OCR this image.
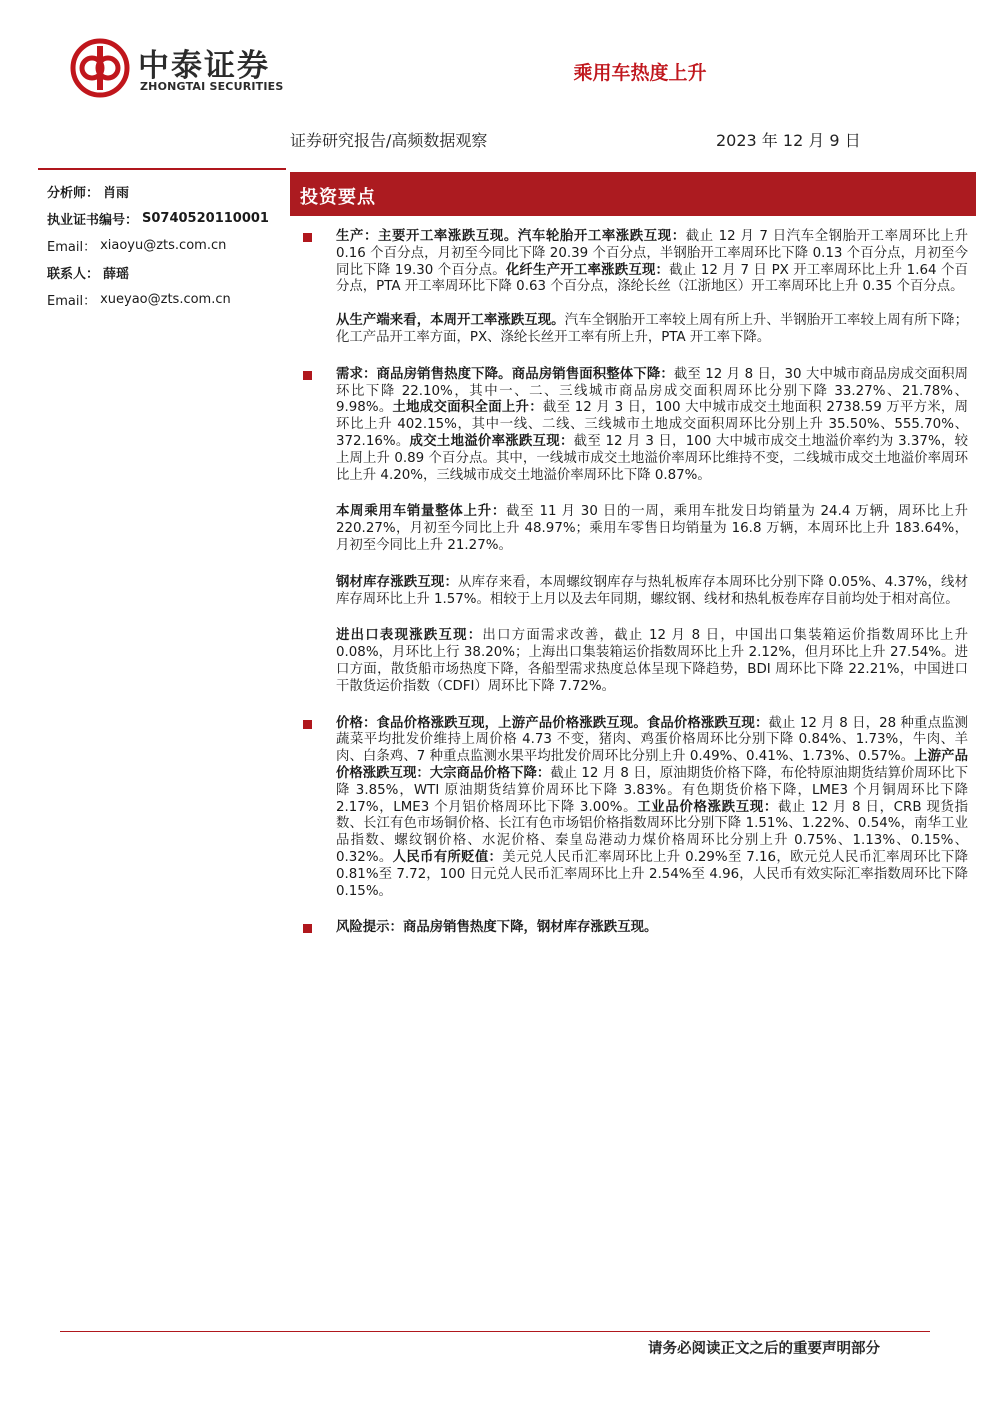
中泰证券
ZHONGTAI SECURITIES
乘用车热度上升
证券研究报告/高频数据观察	2023 年 12 月 9 日
分析师： 肖雨
执业证书编号： S0740520110001
Email： xiaoyu@zts.com.cn
联系人： 薛瑶
Email： xueyao@zts.com.cn
投资要点
生产：主要开工率涨跌互现。汽车轮胎开工率涨跌互现：截止 12 月 7 日汽车全钢胎开工率周环比上升 0.16 个百分点，月初至今同比下降 20.39 个百分点，半钢胎开工率周环比下降 0.13 个百分点，月初至今同比下降 19.30 个百分点。化纤生产开工率涨跌互现：截止 12 月 7 日 PX 开工率周环比上升 1.64 个百分点，PTA 开工率周环比下降 0.63 个百分点，涤纶长丝（江浙地区）开工率周环比上升 0.35 个百分点。
从生产端来看，本周开工率涨跌互现。汽车全钢胎开工率较上周有所上升、半钢胎开工率较上周有所下降；化工产品开工率方面，PX、涤纶长丝开工率有所上升，PTA 开工率下降。
需求：商品房销售热度下降。商品房销售面积整体下降：截至 12 月 8 日，30 大中城市商品房成交面积周环比下降 22.10%，其中一、二、三线城市商品房成交面积周环比分别下降 33.27%、21.78%、9.98%。土地成交面积全面上升：截至 12 月 3 日，100 大中城市成交土地面积 2738.59 万平方米，周环比上升 402.15%，其中一线、二线、三线城市土地成交面积周环比分别上升 35.50%、555.70%、372.16%。成交土地溢价率涨跌互现：截至 12 月 3 日，100 大中城市成交土地溢价率约为 3.37%，较上周上升 0.89 个百分点。其中，一线城市成交土地溢价率周环比维持不变，二线城市成交土地溢价率周环比上升 4.20%，三线城市成交土地溢价率周环比下降 0.87%。
本周乘用车销量整体上升：截至 11 月 30 日的一周，乘用车批发日均销量为 24.4 万辆，周环比上升 220.27%，月初至今同比上升 48.97%；乘用车零售日均销量为 16.8 万辆，本周环比上升 183.64%，月初至今同比上升 21.27%。
钢材库存涨跌互现：从库存来看，本周螺纹钢库存与热轧板库存本周环比分别下降 0.05%、4.37%，线材库存周环比上升 1.57%。相较于上月以及去年同期，螺纹钢、线材和热轧板卷库存目前均处于相对高位。
进出口表现涨跌互现：出口方面需求改善，截止 12 月 8 日，中国出口集装箱运价指数周环比上升 0.08%，月环比上行 38.20%；上海出口集装箱运价指数周环比上升 2.12%，但月环比上升 27.54%。进口方面，散货船市场热度下降，各船型需求热度总体呈现下降趋势，BDI 周环比下降 22.21%，中国进口干散货运价指数（CDFI）周环比下降 7.72%。
价格：食品价格涨跌互现，上游产品价格涨跌互现。食品价格涨跌互现：截止 12 月 8 日，28 种重点监测蔬菜平均批发价维持上周价格 4.73 不变，猪肉、鸡蛋价格周环比分别下降 0.84%、1.73%，牛肉、羊肉、白条鸡、7 种重点监测水果平均批发价周环比分别上升 0.49%、0.41%、1.73%、0.57%。上游产品价格涨跌互现：大宗商品价格下降：截止 12 月 8 日，原油期货价格下降，布伦特原油期货结算价周环比下降 3.85%，WTI 原油期货结算价周环比下降 3.83%。有色期货价格下降，LME3 个月铜周环比下降 2.17%，LME3 个月铝价格周环比下降 3.00%。工业品价格涨跌互现：截止 12 月 8 日，CRB 现货指数、长江有色市场铜价格、长江有色市场铝价格指数周环比分别下降 1.51%、1.22%、0.54%，南华工业品指数、螺纹钢价格、水泥价格、秦皇岛港动力煤价格周环比分别上升 0.75%、1.13%、0.15%、0.32%。人民币有所贬值：美元兑人民币汇率周环比上升 0.29%至 7.16，欧元兑人民币汇率周环比下降 0.81%至 7.72，100 日元兑人民币汇率周环比上升 2.54%至 4.96，人民币有效实际汇率指数周环比下降 0.15%。
风险提示：商品房销售热度下降，钢材库存涨跌互现。
请务必阅读正文之后的重要声明部分
